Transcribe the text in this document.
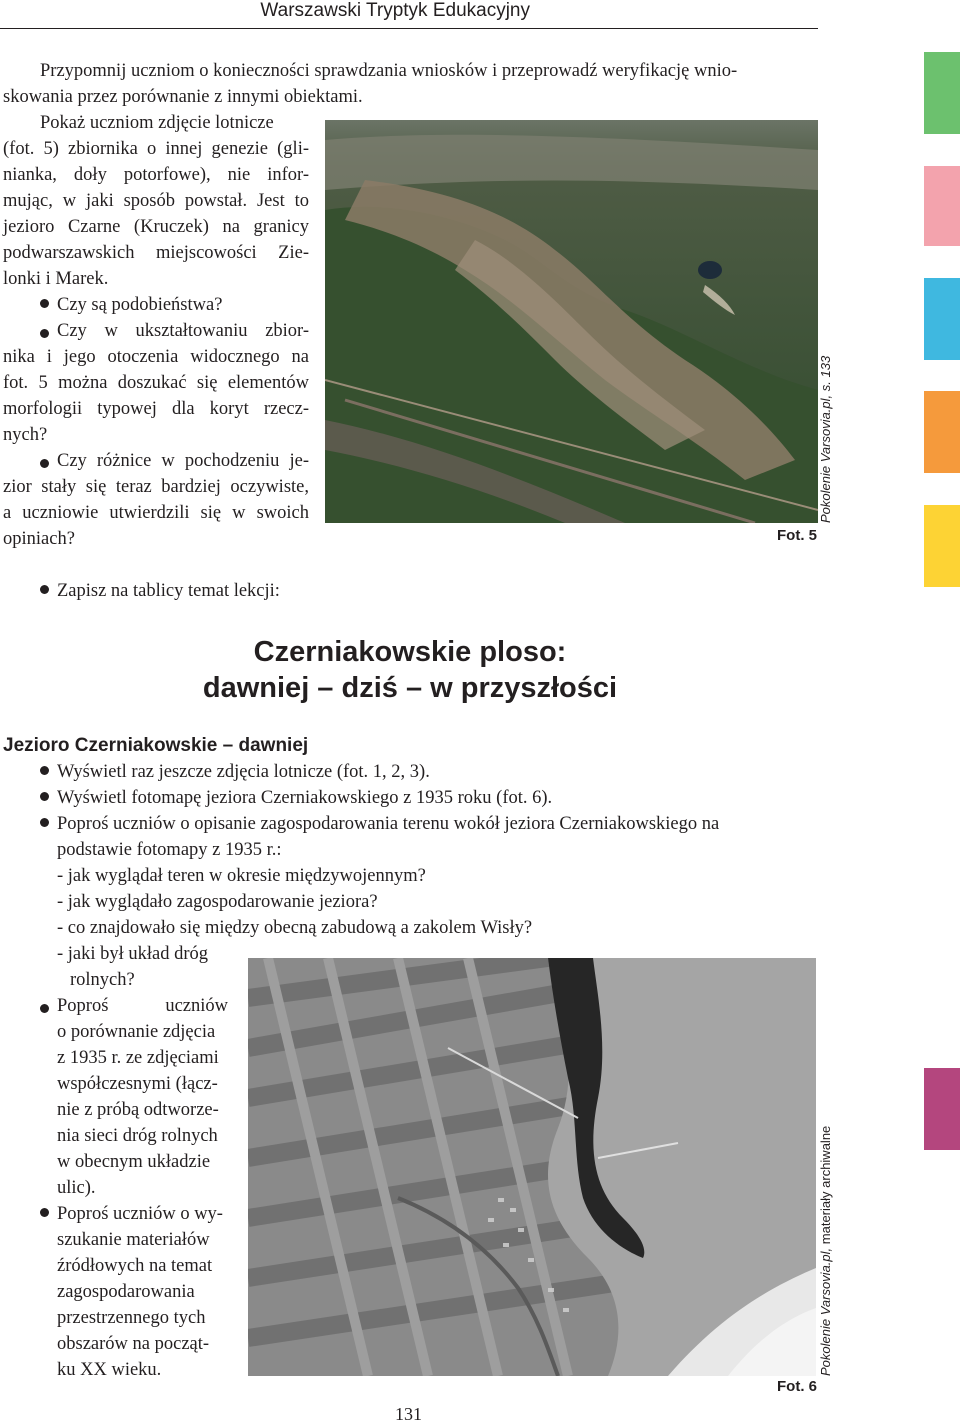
Warszawski Tryptyk Edukacyjny
Przypomnij uczniom o konieczności sprawdzania wniosków i przeprowadź weryfikację wnio-
skowania przez porównanie z innymi obiektami.
Pokaż uczniom zdjęcie lotnicze
(fot. 5) zbiornika o innej genezie (gli-
nianka, doły potorfowe), nie infor-
mując, w jaki sposób powstał. Jest to
jezioro Czarne (Kruczek) na granicy
podwarszawskich miejscowości Zie-
lonki i Marek.
Czy są podobieństwa?
Czy w ukształtowaniu zbior-
nika i jego otoczenia widocznego na
fot. 5 można doszukać się elementów
morfologii typowej dla koryt rzecz-
nych?
Czy różnice w pochodzeniu je-
zior stały się teraz bardziej oczywiste,
a uczniowie utwierdzili się w swoich
opiniach?
Pokolenie Varsovia.pl, s. 133
Fot. 5
Zapisz na tablicy temat lekcji:
Czerniakowskie ploso:
dawniej – dziś – w przyszłości
Jezioro Czerniakowskie – dawniej
Wyświetl raz jeszcze zdjęcia lotnicze (fot. 1, 2, 3).
Wyświetl fotomapę jeziora Czerniakowskiego z 1935 roku (fot. 6).
Poproś uczniów o opisanie zagospodarowania terenu wokół jeziora Czerniakowskiego na
podstawie fotomapy z 1935 r.:
- jak wyglądał teren w okresie międzywojennym?
- jak wyglądało zagospodarowanie jeziora?
- co znajdowało się między obecną zabudową a zakolem Wisły?
- jaki był układ dróg
rolnych?
Poproś uczniów
o porównanie zdjęcia
z 1935 r. ze zdjęciami
współczesnymi (łącz-
nie z próbą odtworze-
nia sieci dróg rolnych
w obecnym układzie
ulic).
Poproś uczniów o wy-
szukanie materiałów
źródłowych na temat
zagospodarowania
przestrzennego tych
obszarów na począt-
ku XX wieku.	Pokolenie Varsovia.pl, materiały archiwalne
Fot. 6
131
